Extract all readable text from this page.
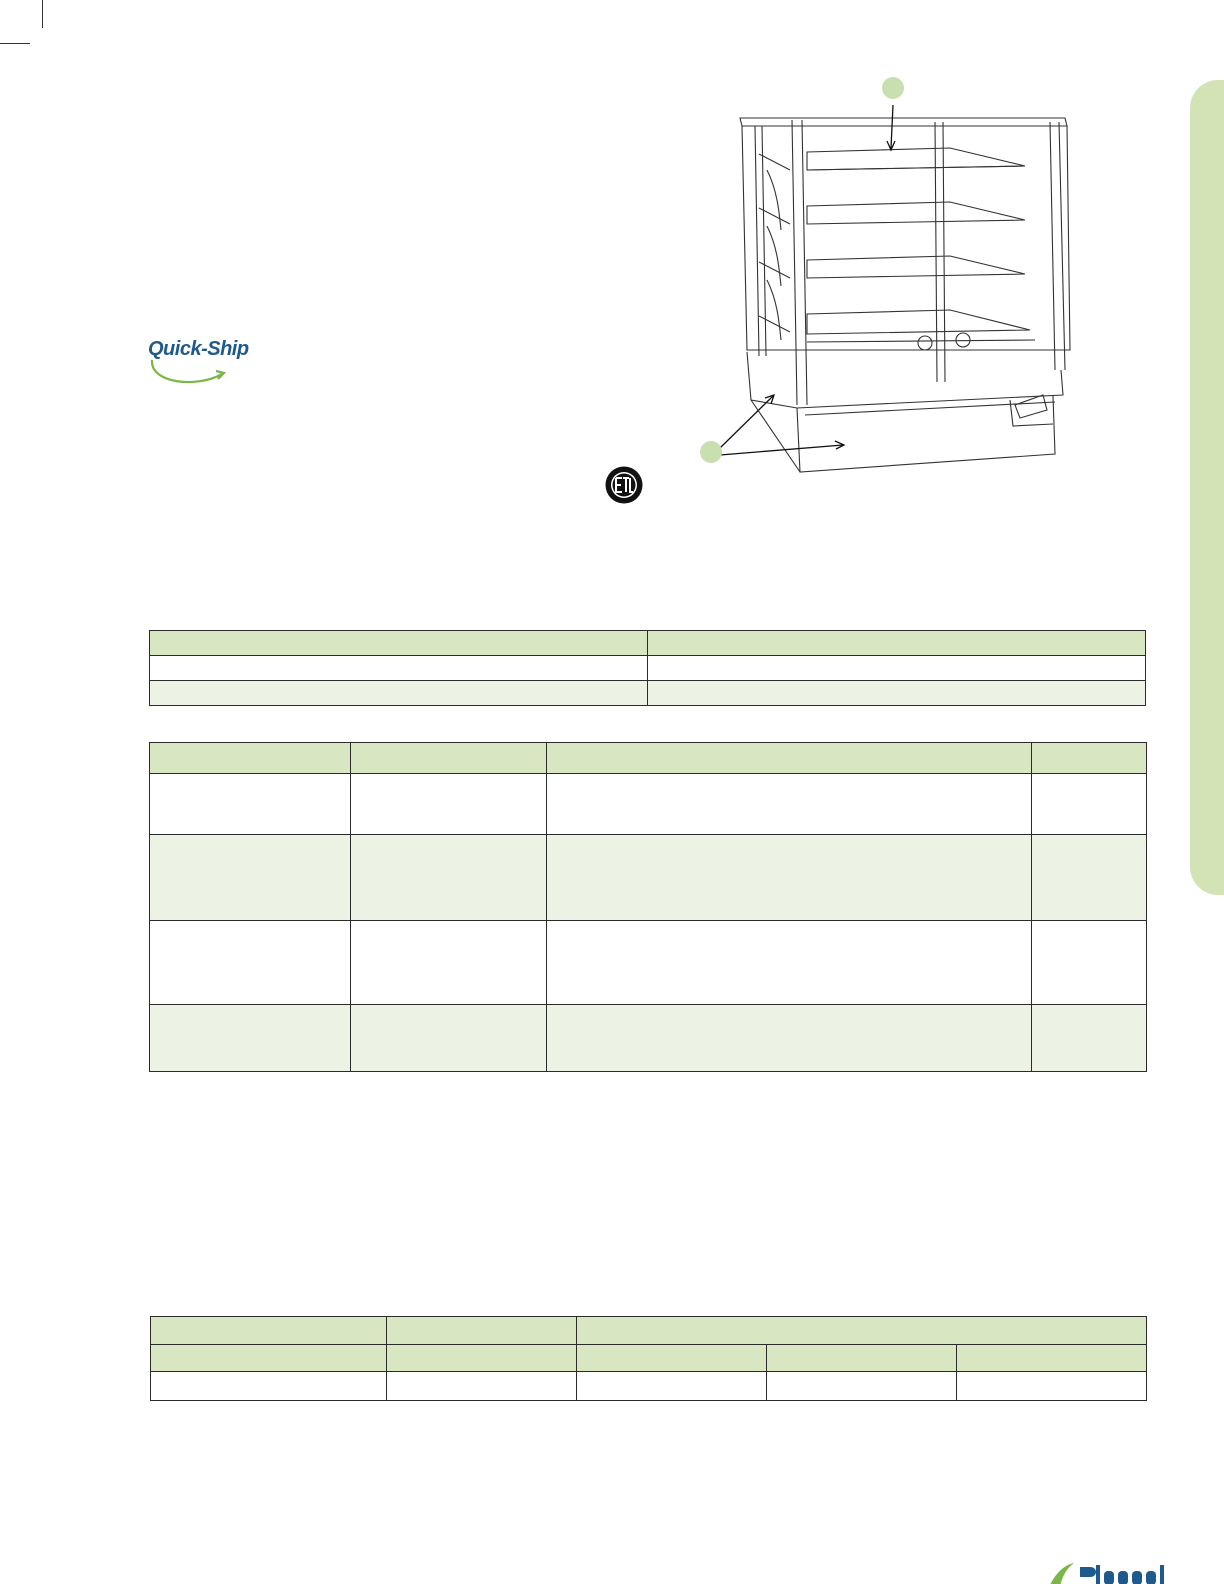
Quick-Ship
